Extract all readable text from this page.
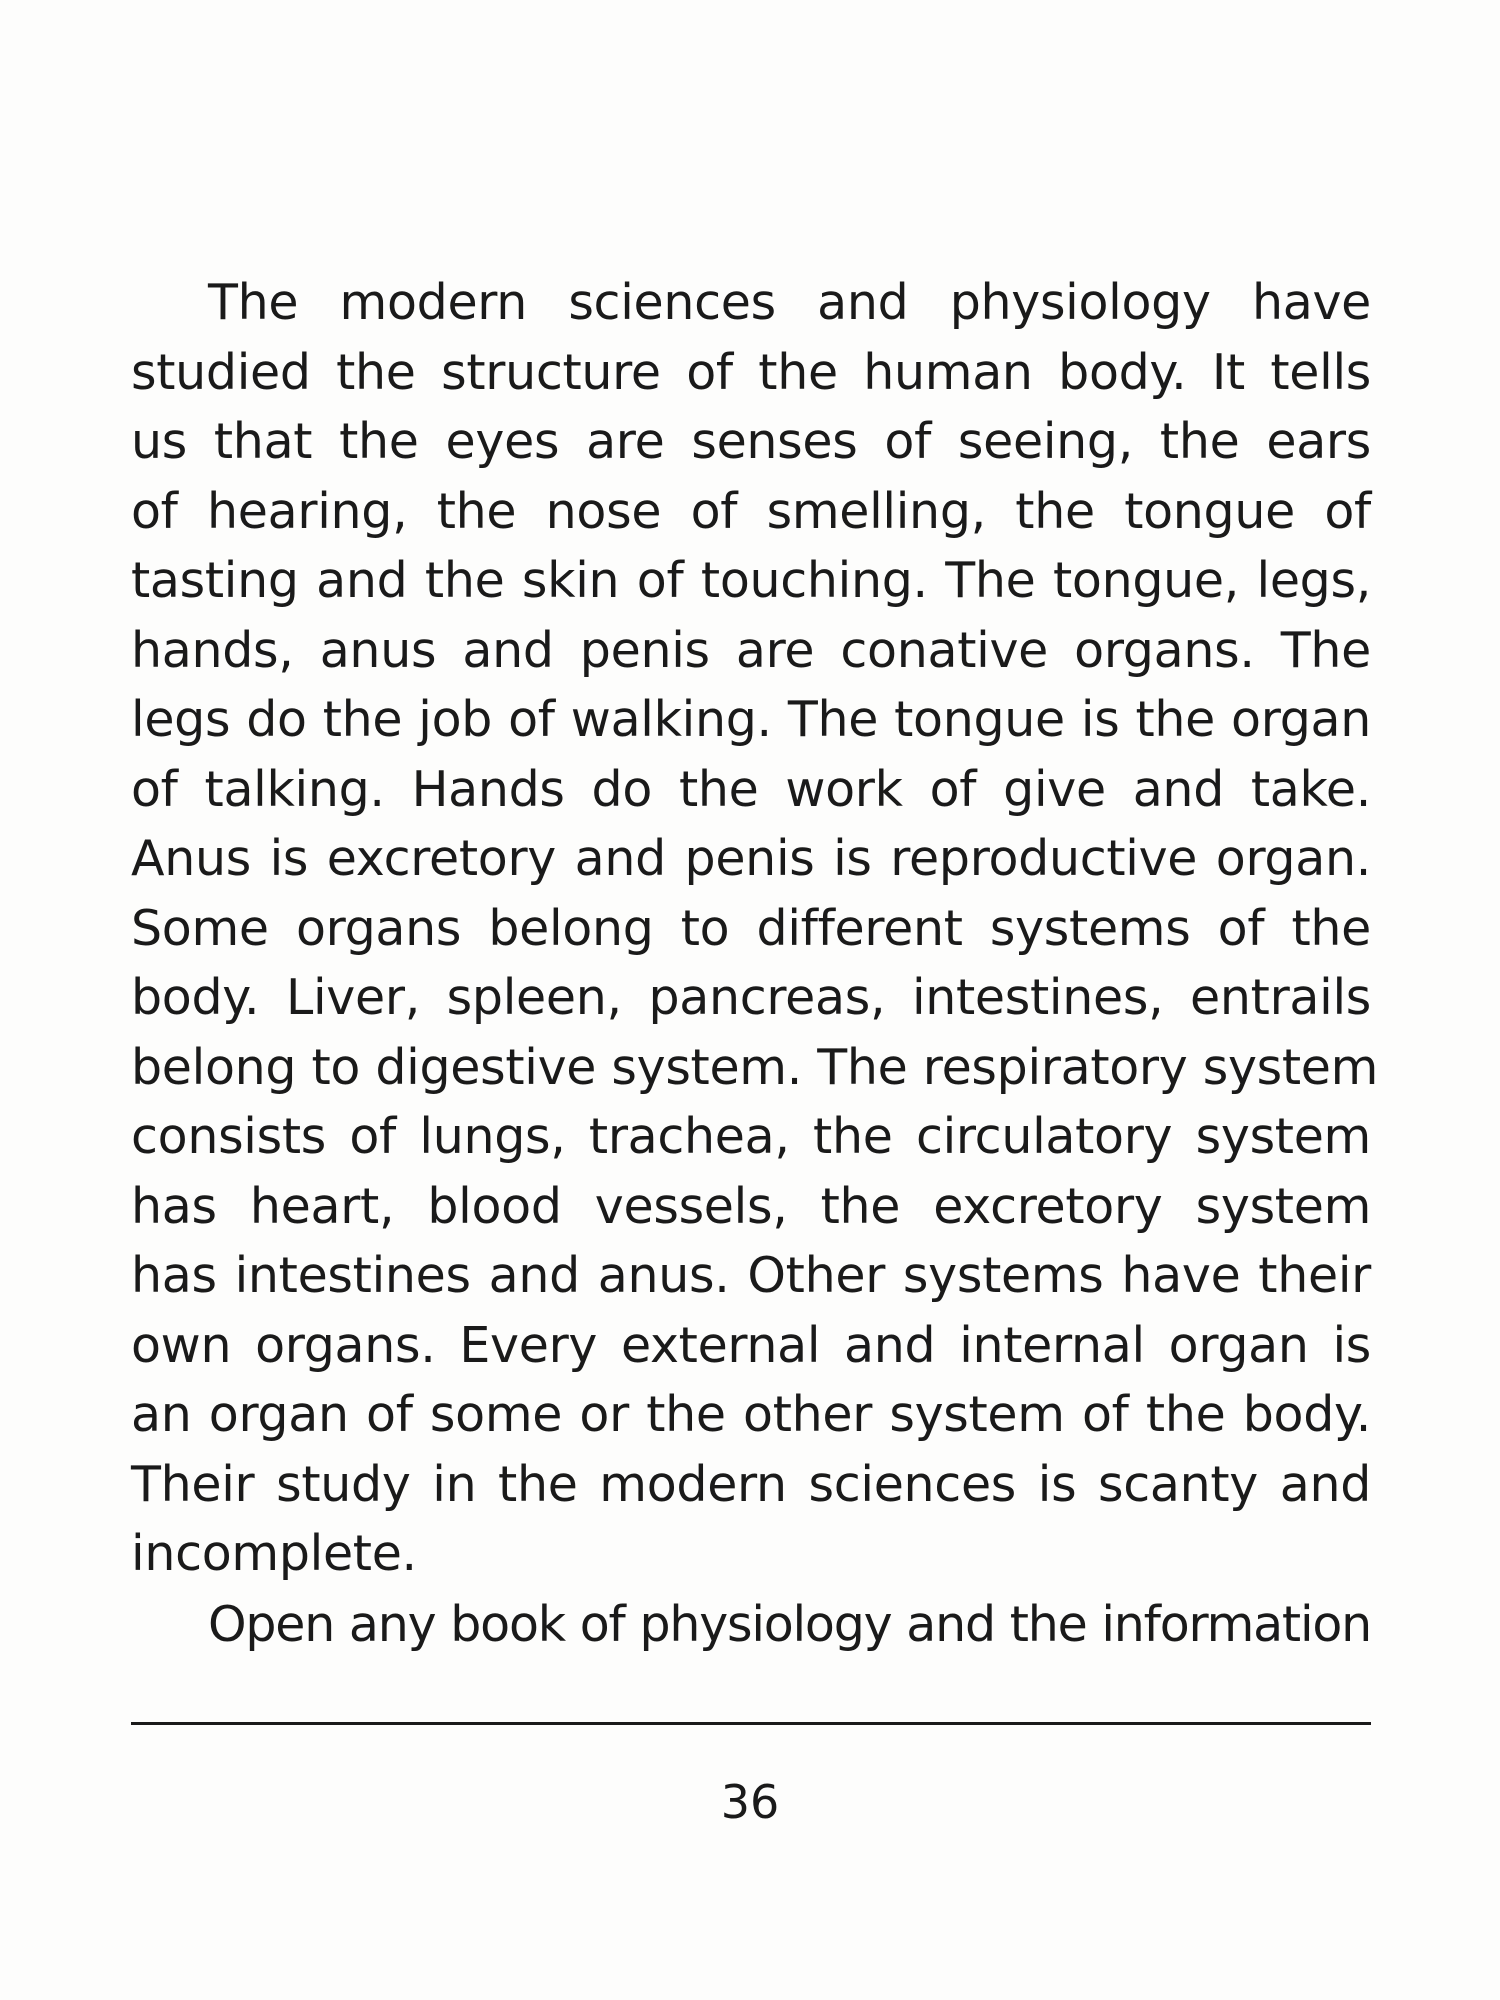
The modern sciences and physiology have
studied the structure of the human body. It tells
us that the eyes are senses of seeing, the ears
of hearing, the nose of smelling, the tongue of
tasting and the skin of touching. The tongue, legs,
hands, anus and penis are conative organs. The
legs do the job of walking. The tongue is the organ
of talking. Hands do the work of give and take.
Anus is excretory and penis is reproductive organ.
Some organs belong to different systems of the
body. Liver, spleen, pancreas, intestines, entrails
belong to digestive system. The respiratory system
consists of lungs, trachea, the circulatory system
has heart, blood vessels, the excretory system
has intestines and anus. Other systems have their
own organs. Every external and internal organ is
an organ of some or the other system of the body.
Their study in the modern sciences is scanty and
incomplete.
Open any book of physiology and the information
36
